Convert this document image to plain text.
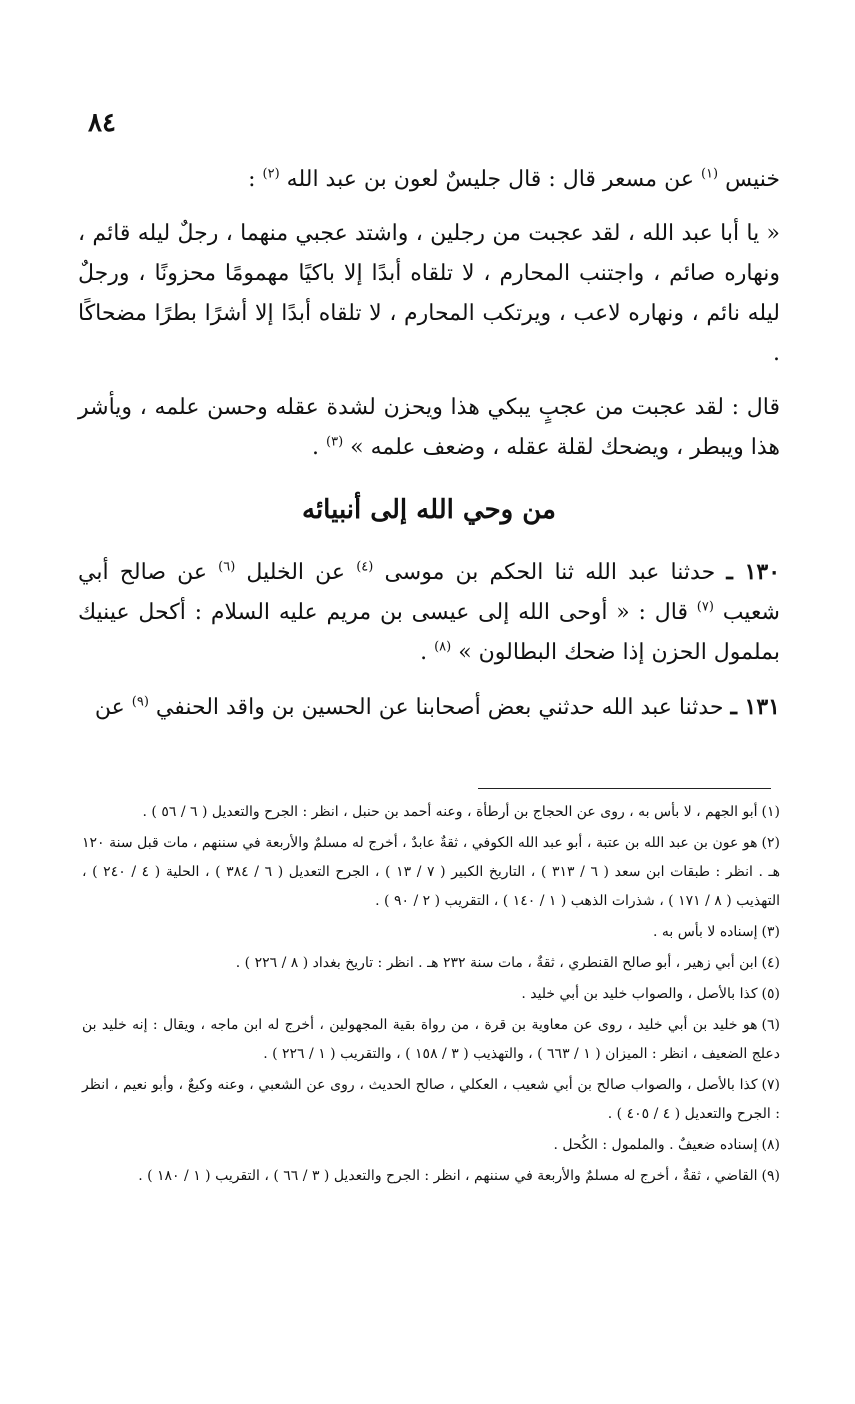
٨٤

خنيس $^{(١)}$ عن مسعر قال : قال جليسٌ لعون بن عبد الله $^{(٢)}$ :

« يا أبا عبد الله ، لقد عجبت من رجلين ، واشتد عجبي منهما ، رجلٌ ليله قائم ، ونهاره صائم ، واجتنب المحارم ، لا تلقاه أبدًا إلا باكيًا مهمومًا محزونًا ، ورجلٌ ليله نائم ، ونهاره لاعب ، ويرتكب المحارم ، لا تلقاه أبدًا إلا أشرًا بطرًا مضحاكًا .

قال : لقد عجبت من عجبٍ يبكي هذا ويحزن لشدة عقله وحسن علمه ، ويأشر هذا ويبطر ، ويضحك لقلة عقله ، وضعف علمه » $^{(٣)}$ .

من وحي الله إلى أنبيائه

١٣٠ ـ حدثنا عبد الله ثنا الحكم بن موسى $^{(٤)}$ عن الخليل $^{(٦)}$ عن صالح أبي شعيب $^{(٧)}$ قال : « أوحى الله إلى عيسى بن مريم عليه السلام : أكحل عينيك بملمول الحزن إذا ضحك البطالون » $^{(٨)}$ .

١٣١ ـ حدثنا عبد الله حدثني بعض أصحابنا عن الحسين بن واقد الحنفي $^{(٩)}$ عن

(١)أبو الجهم ، لا بأس به ، روى عن الحجاج بن أرطأة ، وعنه أحمد بن حنبل ، انظر : الجرح والتعديل ( ٦ / ٥٦ ) .

(٢)هو عون بن عبد الله بن عتبة ، أبو عبد الله الكوفي ، ثقةٌ عابدٌ ، أخرج له مسلمٌ والأربعة في سننهم ، مات قبل سنة ١٢٠ هـ . انظر : طبقات ابن سعد ( ٦ / ٣١٣ ) ، التاريخ الكبير ( ٧ / ١٣ ) ، الجرح التعديل ( ٦ / ٣٨٤ ) ، الحلية ( ٤ / ٢٤٠ ) ، التهذيب ( ٨ / ١٧١ ) ، شذرات الذهب ( ١ / ١٤٠ ) ، التقريب ( ٢ / ٩٠ ) .

(٣)إسناده لا بأس به .

(٤)ابن أبي زهير ، أبو صالح القنطري ، ثقةٌ ، مات سنة ٢٣٢ هـ . انظر : تاريخ بغداد ( ٨ / ٢٢٦ ) .

(٥)كذا بالأصل ، والصواب خليد بن أبي خليد .

(٦)هو خليد بن أبي خليد ، روى عن معاوية بن قرة ، من رواة بقية المجهولين ، أخرج له ابن ماجه ، ويقال : إنه خليد بن دعلج الضعيف ، انظر : الميزان ( ١ / ٦٦٣ ) ، والتهذيب ( ٣ / ١٥٨ ) ، والتقريب ( ١ / ٢٢٦ ) .

(٧)كذا بالأصل ، والصواب صالح بن أبي شعيب ، العكلي ، صالح الحديث ، روى عن الشعبي ، وعنه وكيعٌ ، وأبو نعيم ، انظر : الجرح والتعديل ( ٤ / ٤٠٥ ) .

(٨)إسناده ضعيفٌ . والملمول : الكُحل .

(٩)القاضي ، ثقةٌ ، أخرج له مسلمٌ والأربعة في سننهم ، انظر : الجرح والتعديل ( ٣ / ٦٦ ) ، التقريب ( ١ / ١٨٠ ) .
